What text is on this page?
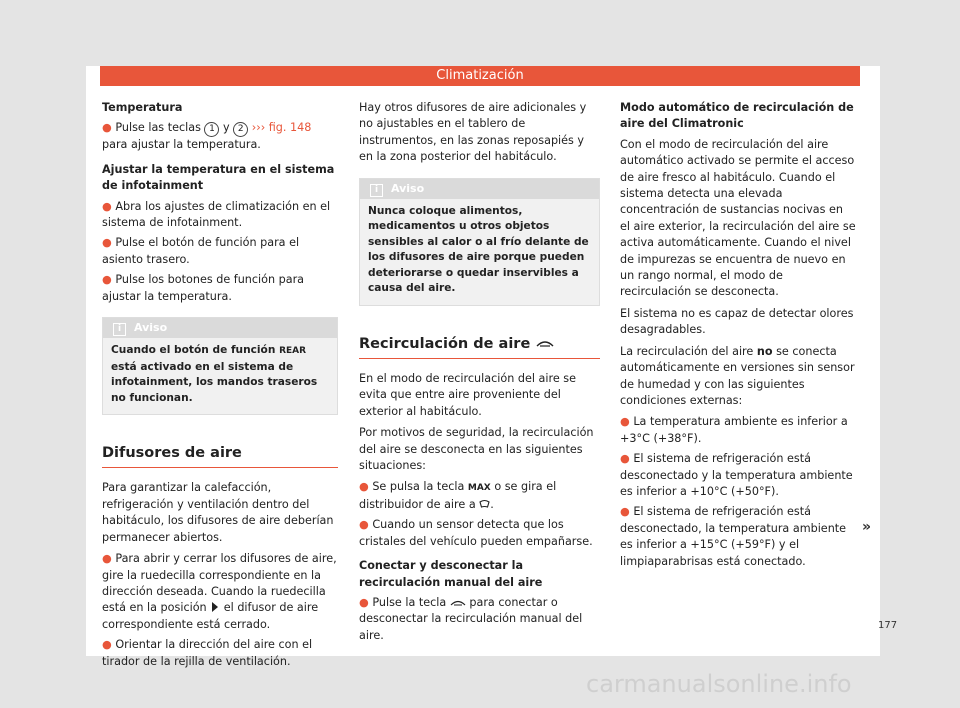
Climatización

Temperatura

● Pulse las teclas 1 y 2 ››› fig. 148 para ajustar la temperatura.

Ajustar la temperatura en el sistema de infotainment

● Abra los ajustes de climatización en el sistema de infotainment.

● Pulse el botón de función para el asiento trasero.

● Pulse los botones de función para ajustar la temperatura.

i Aviso
Cuando el botón de función REAR está activado en el sistema de infotainment, los mandos traseros no funcionan.
Difusores de aire

Para garantizar la calefacción, refrigeración y ventilación dentro del habitáculo, los difusores de aire deberían permanecer abiertos.

● Para abrir y cerrar los difusores de aire, gire la ruedecilla correspondiente en la dirección deseada. Cuando la ruedecilla está en la posición el difusor de aire correspondiente está cerrado.

● Orientar la dirección del aire con el tirador de la rejilla de ventilación.

Hay otros difusores de aire adicionales y no ajustables en el tablero de instrumentos, en las zonas reposapiés y en la zona posterior del habitáculo.

i Aviso
Nunca coloque alimentos, medicamentos u otros objetos sensibles al calor o al frío delante de los difusores de aire porque pueden deteriorarse o quedar inservibles a causa del aire.
Recirculación de aire

En el modo de recirculación del aire se evita que entre aire proveniente del exterior al habitáculo.

Por motivos de seguridad, la recirculación del aire se desconecta en las siguientes situaciones:

● Se pulsa la tecla MAX o se gira el distribuidor de aire a .

● Cuando un sensor detecta que los cristales del vehículo pueden empañarse.

Conectar y desconectar la recirculación manual del aire

● Pulse la tecla para conectar o desconectar la recirculación manual del aire.

Modo automático de recirculación de aire del Climatronic

Con el modo de recirculación del aire automático activado se permite el acceso de aire fresco al habitáculo. Cuando el sistema detecta una elevada concentración de sustancias nocivas en el aire exterior, la recirculación del aire se activa automáticamente. Cuando el nivel de impurezas se encuentra de nuevo en un rango normal, el modo de recirculación se desconecta.

El sistema no es capaz de detectar olores desagradables.

La recirculación del aire no se conecta automáticamente en versiones sin sensor de humedad y con las siguientes condiciones externas:

● La temperatura ambiente es inferior a +3°C (+38°F).

● El sistema de refrigeración está desconectado y la temperatura ambiente es inferior a +10°C (+50°F).

● El sistema de refrigeración está desconectado, la temperatura ambiente es inferior a +15°C (+59°F) y el limpiaparabrisas está conectado.

»
177
carmanualsonline.info
